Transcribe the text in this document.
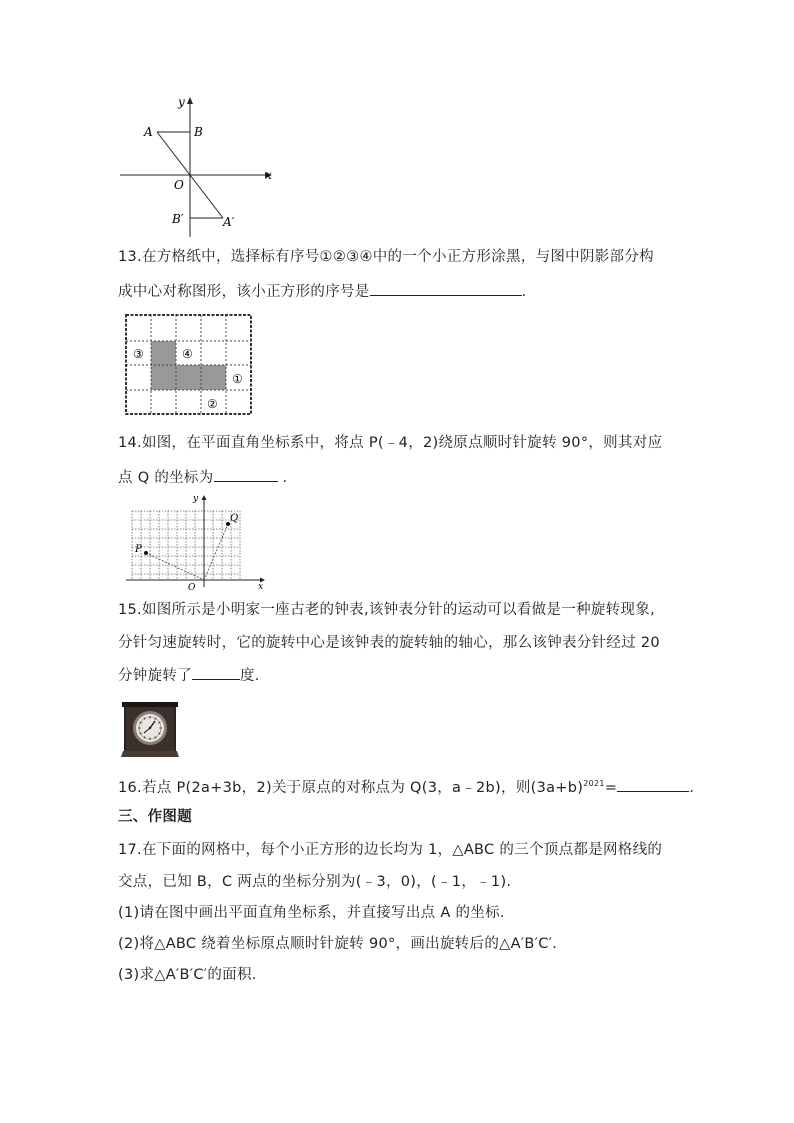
y
x
A	B
O
B′	A′
13.在方格纸中，选择标有序号①②③④中的一个小正方形涂黑，与图中阴影部分构
成中心对称图形，该小正方形的序号是	.
③	④
①
②
14.如图，在平面直角坐标系中，将点 P(﹣4，2)绕原点顺时针旋转 90°，则其对应
点 Q 的坐标为	.
y
x
P
Q
O
15.如图所示是小明家一座古老的钟表,该钟表分针的运动可以看做是一种旋转现象,
分针匀速旋转时，它的旋转中心是该钟表的旋转轴的轴心，那么该钟表分针经过 20
分钟旋转了	度.
16.若点 P(2a+3b，2)关于原点的对称点为 Q(3，a﹣2b)，则$(3a+b)^{2021}=$	.
三、作图题
17.在下面的网格中，每个小正方形的边长均为 1，△ABC 的三个顶点都是网格线的
交点，已知 B，C 两点的坐标分别为(﹣3，0)，(﹣1，﹣1).
(1)请在图中画出平面直角坐标系，并直接写出点 A 的坐标.
(2)将△ABC 绕着坐标原点顺时针旋转 90°，画出旋转后的△A′B′C′.
(3)求△A′B′C′的面积.
